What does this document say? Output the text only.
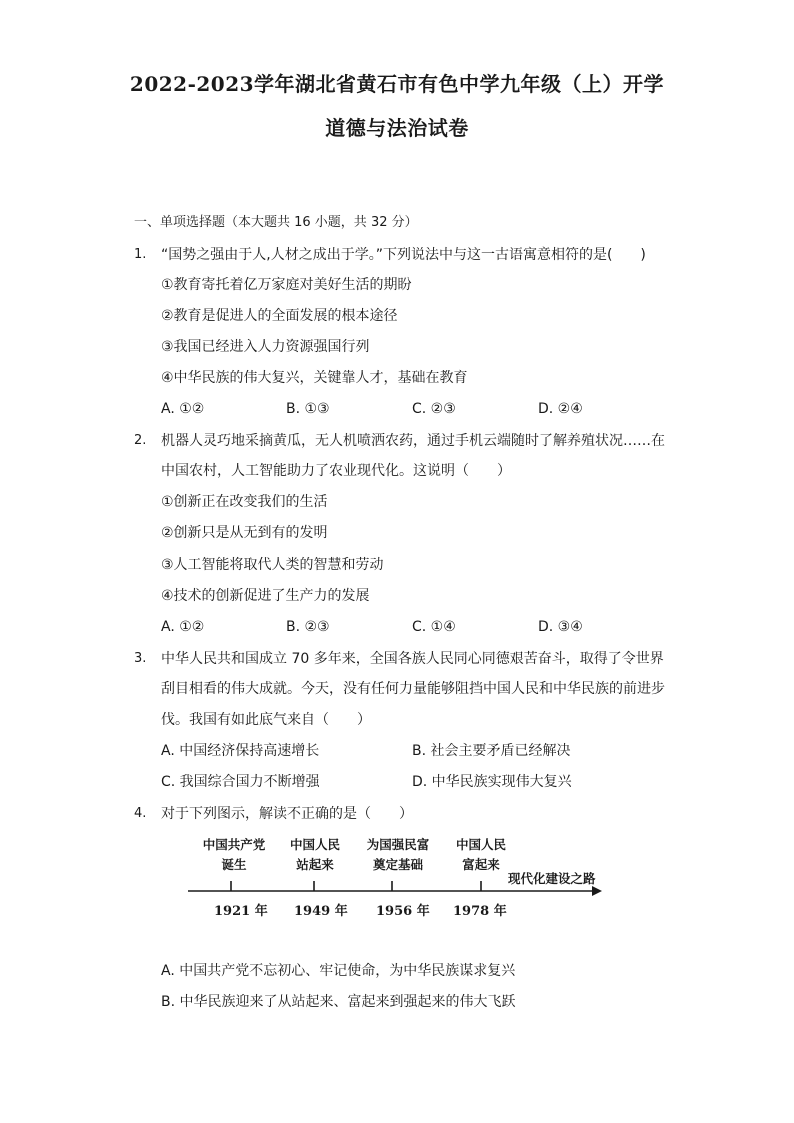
2022-2023学年湖北省黄石市有色中学九年级（上）开学
道德与法治试卷
一、单项选择题（本大题共 16 小题，共 32 分）
1. “国势之强由于人,人材之成出于学。”下列说法中与这一古语寓意相符的是(　　)
①教育寄托着亿万家庭对美好生活的期盼
②教育是促进人的全面发展的根本途径
③我国已经进入人力资源强国行列
④中华民族的伟大复兴，关键靠人才，基础在教育
A. ①②	B. ①③	C. ②③	D. ②④
2. 机器人灵巧地采摘黄瓜，无人机喷洒农药，通过手机云端随时了解养殖状况……在
中国农村，人工智能助力了农业现代化。这说明（　　）
①创新正在改变我们的生活
②创新只是从无到有的发明
③人工智能将取代人类的智慧和劳动
④技术的创新促进了生产力的发展
A. ①②	B. ②③	C. ①④	D. ③④
3. 中华人民共和国成立 70 多年来，全国各族人民同心同德艰苦奋斗，取得了令世界
刮目相看的伟大成就。今天，没有任何力量能够阻挡中国人民和中华民族的前进步
伐。我国有如此底气来自（　　）
A. 中国经济保持高速增长	B. 社会主要矛盾已经解决
C. 我国综合国力不断增强	D. 中华民族实现伟大复兴
4. 对于下列图示，解读不正确的是（　　）
中国共产党
诞生
中国人民
站起来
为国强民富
奠定基础
中国人民
富起来
现代化建设之路
1921 年 1949 年 1956 年 1978 年
A. 中国共产党不忘初心、牢记使命，为中华民族谋求复兴
B. 中华民族迎来了从站起来、富起来到强起来的伟大飞跃
